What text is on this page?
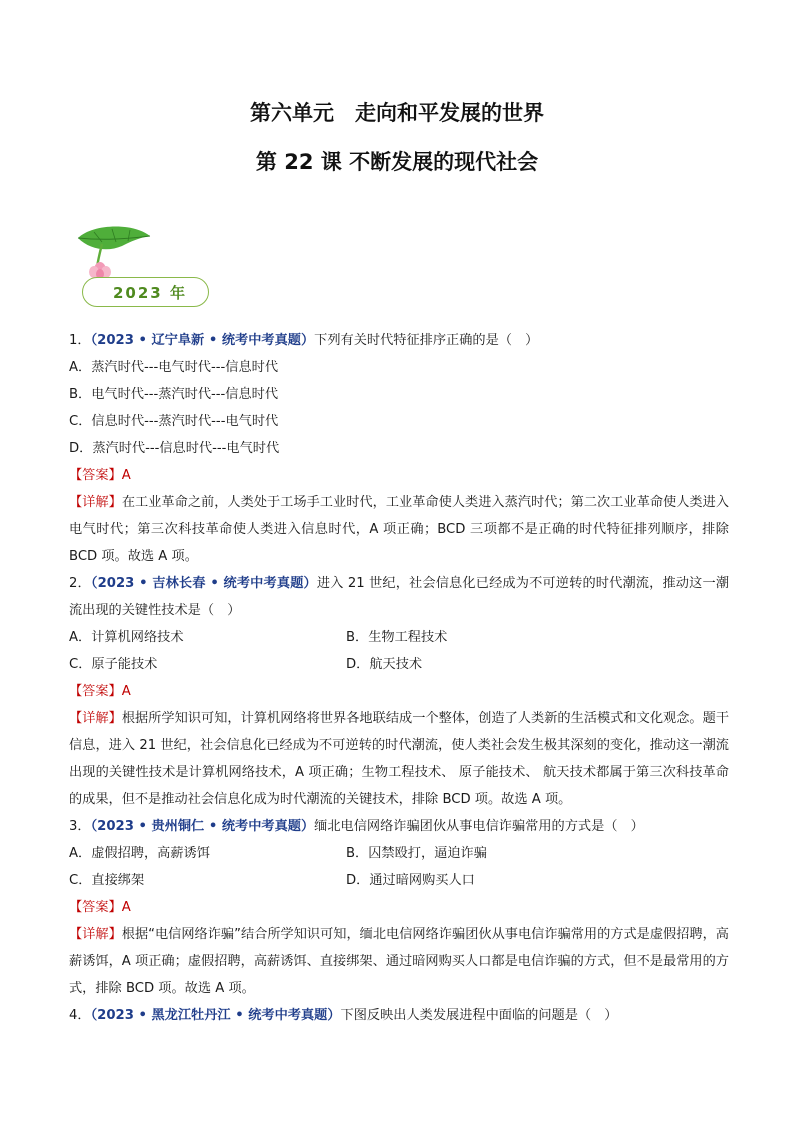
第六单元　走向和平发展的世界
第 22 课 不断发展的现代社会
2023 年
1．（2023 • 辽宁阜新 • 统考中考真题）下列有关时代特征排序正确的是（　）
A．蒸汽时代---电气时代---信息时代
B．电气时代---蒸汽时代---信息时代
C．信息时代---蒸汽时代---电气时代
D．蒸汽时代---信息时代---电气时代
【答案】A
【详解】在工业革命之前，人类处于工场手工业时代，工业革命使人类进入蒸汽时代；第二次工业革命使人类进入电气时代；第三次科技革命使人类进入信息时代，A 项正确；BCD 三项都不是正确的时代特征排列顺序，排除 BCD 项。故选 A 项。
2．（2023 • 吉林长春 • 统考中考真题）进入 21 世纪，社会信息化已经成为不可逆转的时代潮流，推动这一潮流出现的关键性技术是（　）
A．计算机网络技术	B．生物工程技术
C．原子能技术	D．航天技术
【答案】A
【详解】根据所学知识可知，计算机网络将世界各地联结成一个整体，创造了人类新的生活模式和文化观念。题干信息，进入 21 世纪，社会信息化已经成为不可逆转的时代潮流，使人类社会发生极其深刻的变化，推动这一潮流出现的关键性技术是计算机网络技术，A 项正确；生物工程技术、 原子能技术、 航天技术都属于第三次科技革命的成果，但不是推动社会信息化成为时代潮流的关键技术，排除 BCD 项。故选 A 项。
3．（2023 • 贵州铜仁 • 统考中考真题）缅北电信网络诈骗团伙从事电信诈骗常用的方式是（　）
A．虚假招聘，高薪诱饵	B．囚禁殴打，逼迫诈骗
C．直接绑架	D．通过暗网购买人口
【答案】A
【详解】根据“电信网络诈骗”结合所学知识可知，缅北电信网络诈骗团伙从事电信诈骗常用的方式是虚假招聘，高薪诱饵，A 项正确；虚假招聘，高薪诱饵、直接绑架、通过暗网购买人口都是电信诈骗的方式，但不是最常用的方式，排除 BCD 项。故选 A 项。
4．（2023 • 黑龙江牡丹江 • 统考中考真题）下图反映出人类发展进程中面临的问题是（　）
